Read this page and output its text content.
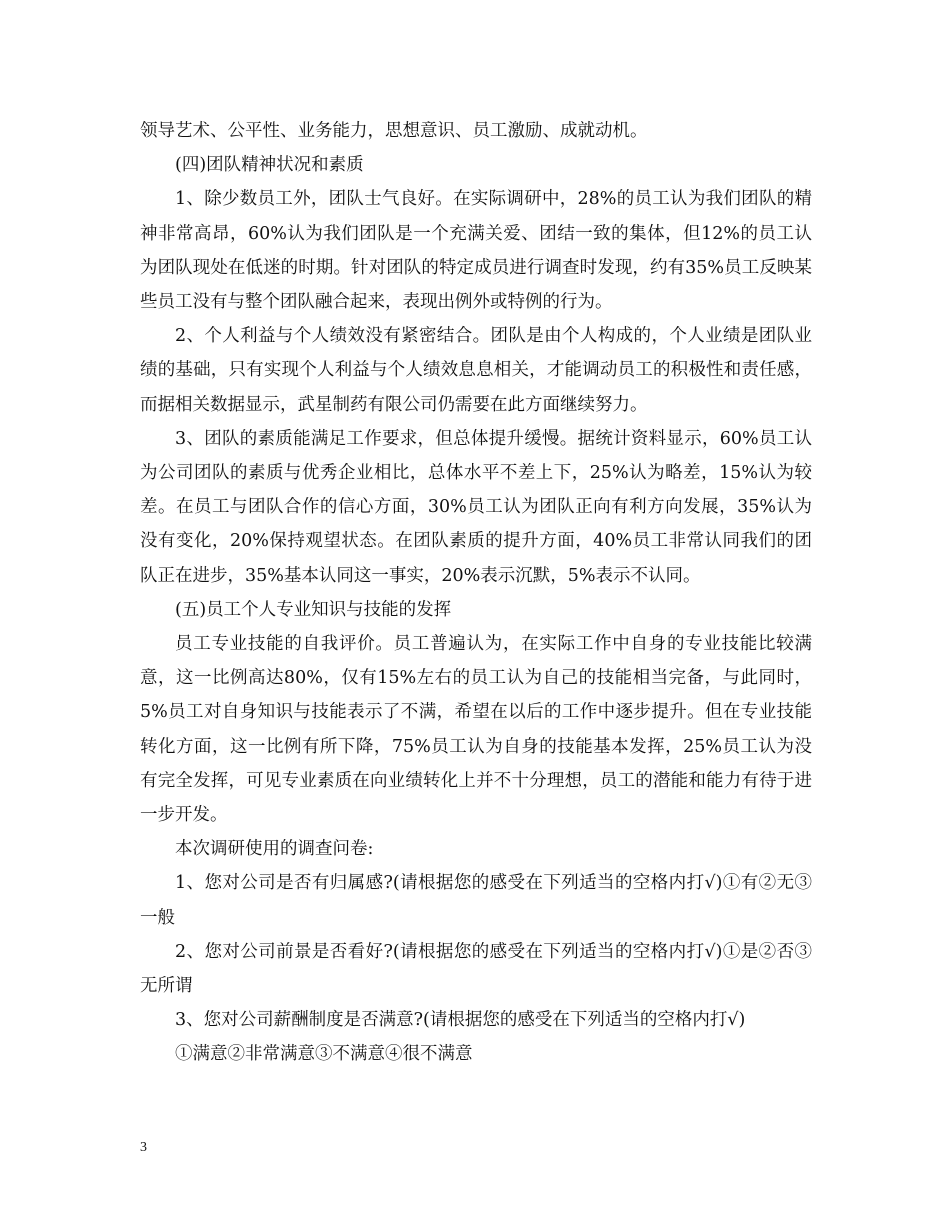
领导艺术、公平性、业务能力，思想意识、员工激励、成就动机。

(四)团队精神状况和素质

1、除少数员工外，团队士气良好。在实际调研中，28%的员工认为我们团队的精神非常高昂，60%认为我们团队是一个充满关爱、团结一致的集体，但12%的员工认为团队现处在低迷的时期。针对团队的特定成员进行调查时发现，约有35%员工反映某些员工没有与整个团队融合起来，表现出例外或特例的行为。

2、个人利益与个人绩效没有紧密结合。团队是由个人构成的，个人业绩是团队业绩的基础，只有实现个人利益与个人绩效息息相关，才能调动员工的积极性和责任感，而据相关数据显示，武星制药有限公司仍需要在此方面继续努力。

3、团队的素质能满足工作要求，但总体提升缓慢。据统计资料显示，60%员工认为公司团队的素质与优秀企业相比，总体水平不差上下，25%认为略差，15%认为较差。在员工与团队合作的信心方面，30%员工认为团队正向有利方向发展，35%认为没有变化，20%保持观望状态。在团队素质的提升方面，40%员工非常认同我们的团队正在进步，35%基本认同这一事实，20%表示沉默，5%表示不认同。

(五)员工个人专业知识与技能的发挥

员工专业技能的自我评价。员工普遍认为，在实际工作中自身的专业技能比较满意，这一比例高达80%，仅有15%左右的员工认为自己的技能相当完备，与此同时，5%员工对自身知识与技能表示了不满，希望在以后的工作中逐步提升。但在专业技能转化方面，这一比例有所下降，75%员工认为自身的技能基本发挥，25%员工认为没有完全发挥，可见专业素质在向业绩转化上并不十分理想，员工的潜能和能力有待于进一步开发。

本次调研使用的调查问卷:

1、您对公司是否有归属感?(请根据您的感受在下列适当的空格内打√)①有②无③一般

2、您对公司前景是否看好?(请根据您的感受在下列适当的空格内打√)①是②否③无所谓

3、您对公司薪酬制度是否满意?(请根据您的感受在下列适当的空格内打√)

①满意②非常满意③不满意④很不满意

3
